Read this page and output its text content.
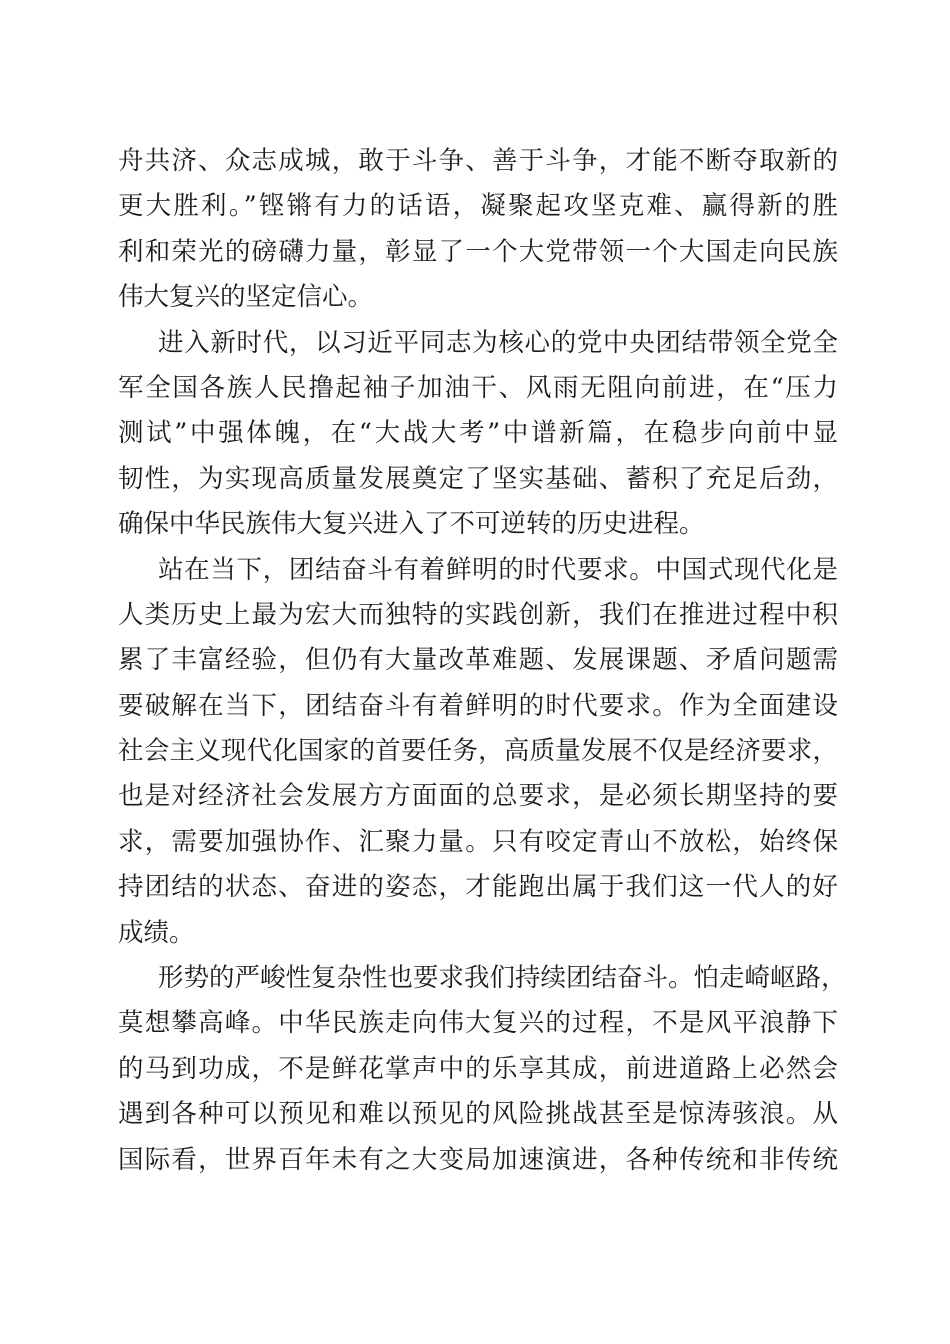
舟共济、众志成城，敢于斗争、善于斗争，才能不断夺取新的
更大胜利。”铿锵有力的话语，凝聚起攻坚克难、赢得新的胜
利和荣光的磅礴力量，彰显了一个大党带领一个大国走向民族
伟大复兴的坚定信心。
进入新时代，以习近平同志为核心的党中央团结带领全党全
军全国各族人民撸起袖子加油干、风雨无阻向前进，在“压力
测试”中强体魄，在“大战大考”中谱新篇，在稳步向前中显
韧性，为实现高质量发展奠定了坚实基础、蓄积了充足后劲，
确保中华民族伟大复兴进入了不可逆转的历史进程。
站在当下，团结奋斗有着鲜明的时代要求。中国式现代化是
人类历史上最为宏大而独特的实践创新，我们在推进过程中积
累了丰富经验，但仍有大量改革难题、发展课题、矛盾问题需
要破解在当下，团结奋斗有着鲜明的时代要求。作为全面建设
社会主义现代化国家的首要任务，高质量发展不仅是经济要求，
也是对经济社会发展方方面面的总要求，是必须长期坚持的要
求，需要加强协作、汇聚力量。只有咬定青山不放松，始终保
持团结的状态、奋进的姿态，才能跑出属于我们这一代人的好
成绩。
形势的严峻性复杂性也要求我们持续团结奋斗。怕走崎岖路，
莫想攀高峰。中华民族走向伟大复兴的过程，不是风平浪静下
的马到功成，不是鲜花掌声中的乐享其成，前进道路上必然会
遇到各种可以预见和难以预见的风险挑战甚至是惊涛骇浪。从
国际看，世界百年未有之大变局加速演进，各种传统和非传统
